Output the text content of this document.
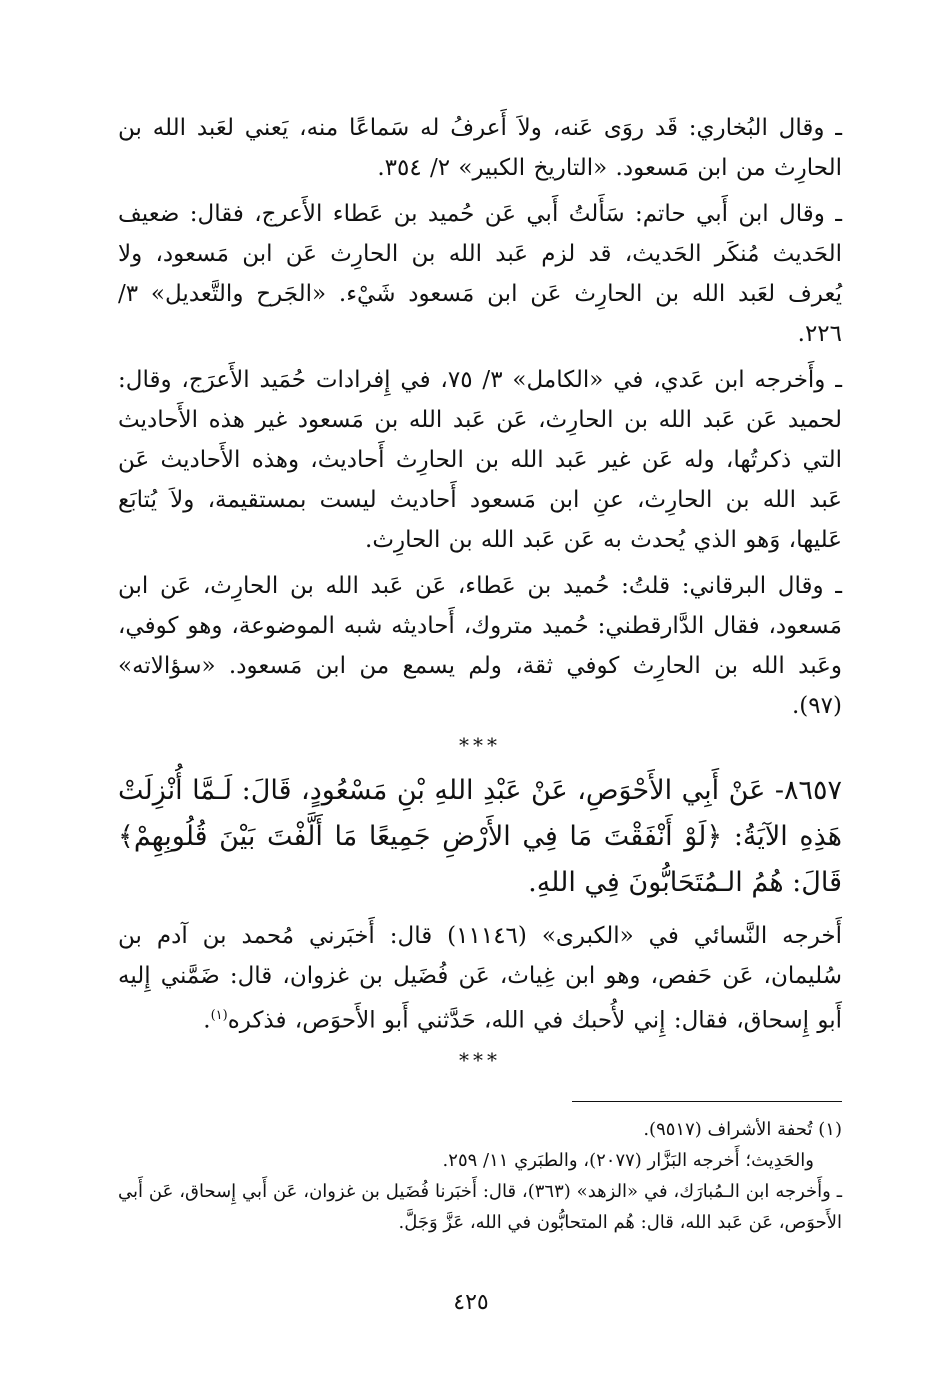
ـ وقال البُخاري: قَد روَى عَنه، ولاَ أَعرفُ له سَماعًا منه، يَعني لعَبد الله بن الحارِث من ابن مَسعود. «التاريخ الكبير» ٢/ ٣٥٤.

ـ وقال ابن أَبي حاتم: سَأَلتُ أَبي عَن حُميد بن عَطاء الأَعرج، فقال: ضعيف الحَديث مُنكَر الحَديث، قد لزم عَبد الله بن الحارِث عَن ابن مَسعود، ولا يُعرف لعَبد الله بن الحارِث عَن ابن مَسعود شَيْء. «الجَرح والتَّعديل» ٣/ ٢٢٦.

ـ وأَخرجه ابن عَدي، في «الكامل» ٣/ ٧٥، في إِفرادات حُمَيد الأَعرَج، وقال: لحميد عَن عَبد الله بن الحارِث، عَن عَبد الله بن مَسعود غير هذه الأَحاديث التي ذكرتُها، وله عَن غير عَبد الله بن الحارِث أَحاديث، وهذه الأَحاديث عَن عَبد الله بن الحارِث، عنِ ابن مَسعود أَحاديث ليست بمستقيمة، ولاَ يُتابَع عَليها، وَهو الذي يُحدث به عَن عَبد الله بن الحارِث.

ـ وقال البرقاني: قلتُ: حُميد بن عَطاء، عَن عَبد الله بن الحارِث، عَن ابن مَسعود، فقال الدَّارقطني: حُميد متروك، أَحاديثه شبه الموضوعة، وهو كوفي، وعَبد الله بن الحارِث كوفي ثقة، ولم يسمع من ابن مَسعود. «سؤالاته» (٩٧).

***

٨٦٥٧- عَنْ أَبِي الأَحْوَصِ، عَنْ عَبْدِ اللهِ بْنِ مَسْعُودٍ، قَالَ: لَـمَّا أُنْزِلَتْ هَذِهِ الآيَةُ: ﴿لَوْ أَنْفَقْتَ مَا فِي الأَرْضِ جَمِيعًا مَا أَلَّفْتَ بَيْنَ قُلُوبِهِمْ﴾ قَالَ: هُمُ الـمُتَحَابُّونَ فِي اللهِ.

أَخرجه النَّسائي في «الكبرى» (١١١٤٦) قال: أَخبَرني مُحمد بن آدم بن سُليمان، عَن حَفص، وهو ابن غِياث، عَن فُضَيل بن غزوان، قال: ضَمَّني إِليه أَبو إِسحاق، فقال: إِني لأُحبك في الله، حَدَّثني أَبو الأَحوَص، فذكره$^{(١)}$.

***

(١) تُحفة الأشراف (٩٥١٧).

والحَدِيث؛ أَخرجه البَزَّار (٢٠٧٧)، والطبَري ١١/ ٢٥٩.

ـ وأَخرجه ابن الـمُبارَك، في «الزهد» (٣٦٣)، قال: أَخبَرنا فُضَيل بن غزوان، عَن أَبي إِسحاق، عَن أَبي الأَحوَص، عَن عَبد الله، قال: هُم المتحابُّون في الله، عَزَّ وَجَلَّ.

٤٢٥
